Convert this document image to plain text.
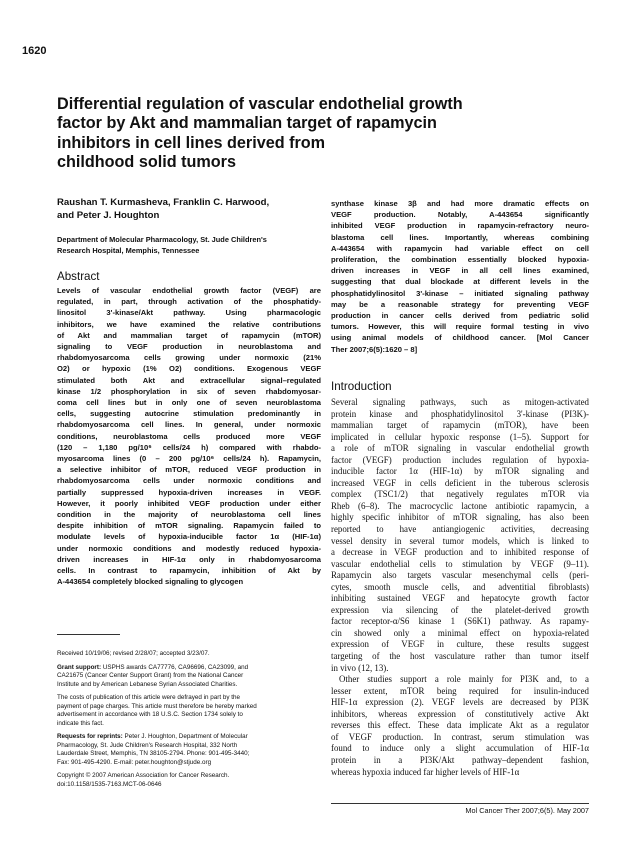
1620
Differential regulation of vascular endothelial growth
factor by Akt and mammalian target of rapamycin
inhibitors in cell lines derived from
childhood solid tumors
Raushan T. Kurmasheva, Franklin C. Harwood,
and Peter J. Houghton
Department of Molecular Pharmacology, St. Jude Children's
Research Hospital, Memphis, Tennessee
Abstract
Levels of vascular endothelial growth factor (VEGF) are
regulated, in part, through activation of the phosphatidy-
linositol 3'-kinase/Akt pathway. Using pharmacologic
inhibitors, we have examined the relative contributions
of Akt and mammalian target of rapamycin (mTOR)
signaling to VEGF production in neuroblastoma and
rhabdomyosarcoma cells growing under normoxic (21%
O2) or hypoxic (1% O2) conditions. Exogenous VEGF
stimulated both Akt and extracellular signal–regulated
kinase 1/2 phosphorylation in six of seven rhabdomyosar-
coma cell lines but in only one of seven neuroblastoma
cells, suggesting autocrine stimulation predominantly in
rhabdomyosarcoma cell lines. In general, under normoxic
conditions, neuroblastoma cells produced more VEGF
(120 – 1,180 pg/10⁶ cells/24 h) compared with rhabdo-
myosarcoma lines (0 – 200 pg/10⁶ cells/24 h). Rapamycin,
a selective inhibitor of mTOR, reduced VEGF production in
rhabdomyosarcoma cells under normoxic conditions and
partially suppressed hypoxia-driven increases in VEGF.
However, it poorly inhibited VEGF production under either
condition in the majority of neuroblastoma cell lines
despite inhibition of mTOR signaling. Rapamycin failed to
modulate levels of hypoxia-inducible factor 1α (HIF-1α)
under normoxic conditions and modestly reduced hypoxia-
driven increases in HIF-1α only in rhabdomyosarcoma
cells. In contrast to rapamycin, inhibition of Akt by
A-443654 completely blocked signaling to glycogen
synthase kinase 3β and had more dramatic effects on
VEGF production. Notably, A-443654 significantly
inhibited VEGF production in rapamycin-refractory neuro-
blastoma cell lines. Importantly, whereas combining
A-443654 with rapamycin had variable effect on cell
proliferation, the combination essentially blocked hypoxia-
driven increases in VEGF in all cell lines examined,
suggesting that dual blockade at different levels in the
phosphatidylinositol 3'-kinase – initiated signaling pathway
may be a reasonable strategy for preventing VEGF
production in cancer cells derived from pediatric solid
tumors. However, this will require formal testing in vivo
using animal models of childhood cancer. [Mol Cancer
Ther 2007;6(5):1620 – 8]
Introduction
Several signaling pathways, such as mitogen-activated
protein kinase and phosphatidylinositol 3'-kinase (PI3K)-
mammalian target of rapamycin (mTOR), have been
implicated in cellular hypoxic response (1–5). Support for
a role of mTOR signaling in vascular endothelial growth
factor (VEGF) production includes regulation of hypoxia-
inducible factor 1α (HIF-1α) by mTOR signaling and
increased VEGF in cells deficient in the tuberous sclerosis
complex (TSC1/2) that negatively regulates mTOR via
Rheb (6–8). The macrocyclic lactone antibiotic rapamycin, a
highly specific inhibitor of mTOR signaling, has also been
reported to have antiangiogenic activities, decreasing
vessel density in several tumor models, which is linked to
a decrease in VEGF production and to inhibited response of
vascular endothelial cells to stimulation by VEGF (9–11).
Rapamycin also targets vascular mesenchymal cells (peri-
cytes, smooth muscle cells, and adventitial fibroblasts)
inhibiting sustained VEGF and hepatocyte growth factor
expression via silencing of the platelet-derived growth
factor receptor-α/S6 kinase 1 (S6K1) pathway. As rapamy-
cin showed only a minimal effect on hypoxia-related
expression of VEGF in culture, these results suggest
targeting of the host vasculature rather than tumor itself
in vivo (12, 13).
Other studies support a role mainly for PI3K and, to a
lesser extent, mTOR being required for insulin-induced
HIF-1α expression (2). VEGF levels are decreased by PI3K
inhibitors, whereas expression of constitutively active Akt
reverses this effect. These data implicate Akt as a regulator
of VEGF production. In contrast, serum stimulation was
found to induce only a slight accumulation of HIF-1α
protein in a PI3K/Akt pathway–dependent fashion,
whereas hypoxia induced far higher levels of HIF-1α
Received 10/19/06; revised 2/28/07; accepted 3/23/07.
Grant support: USPHS awards CA77776, CA96696, CA23099, and
CA21675 (Cancer Center Support Grant) from the National Cancer
Institute and by American Lebanese Syrian Associated Charities.
The costs of publication of this article were defrayed in part by the
payment of page charges. This article must therefore be hereby marked
advertisement in accordance with 18 U.S.C. Section 1734 solely to
indicate this fact.
Requests for reprints: Peter J. Houghton, Department of Molecular
Pharmacology, St. Jude Children's Research Hospital, 332 North
Lauderdale Street, Memphis, TN 38105-2794. Phone: 901-495-3440;
Fax: 901-495-4290. E-mail: peter.houghton@stjude.org
Copyright © 2007 American Association for Cancer Research.
doi:10.1158/1535-7163.MCT-06-0646
Mol Cancer Ther 2007;6(5). May 2007
